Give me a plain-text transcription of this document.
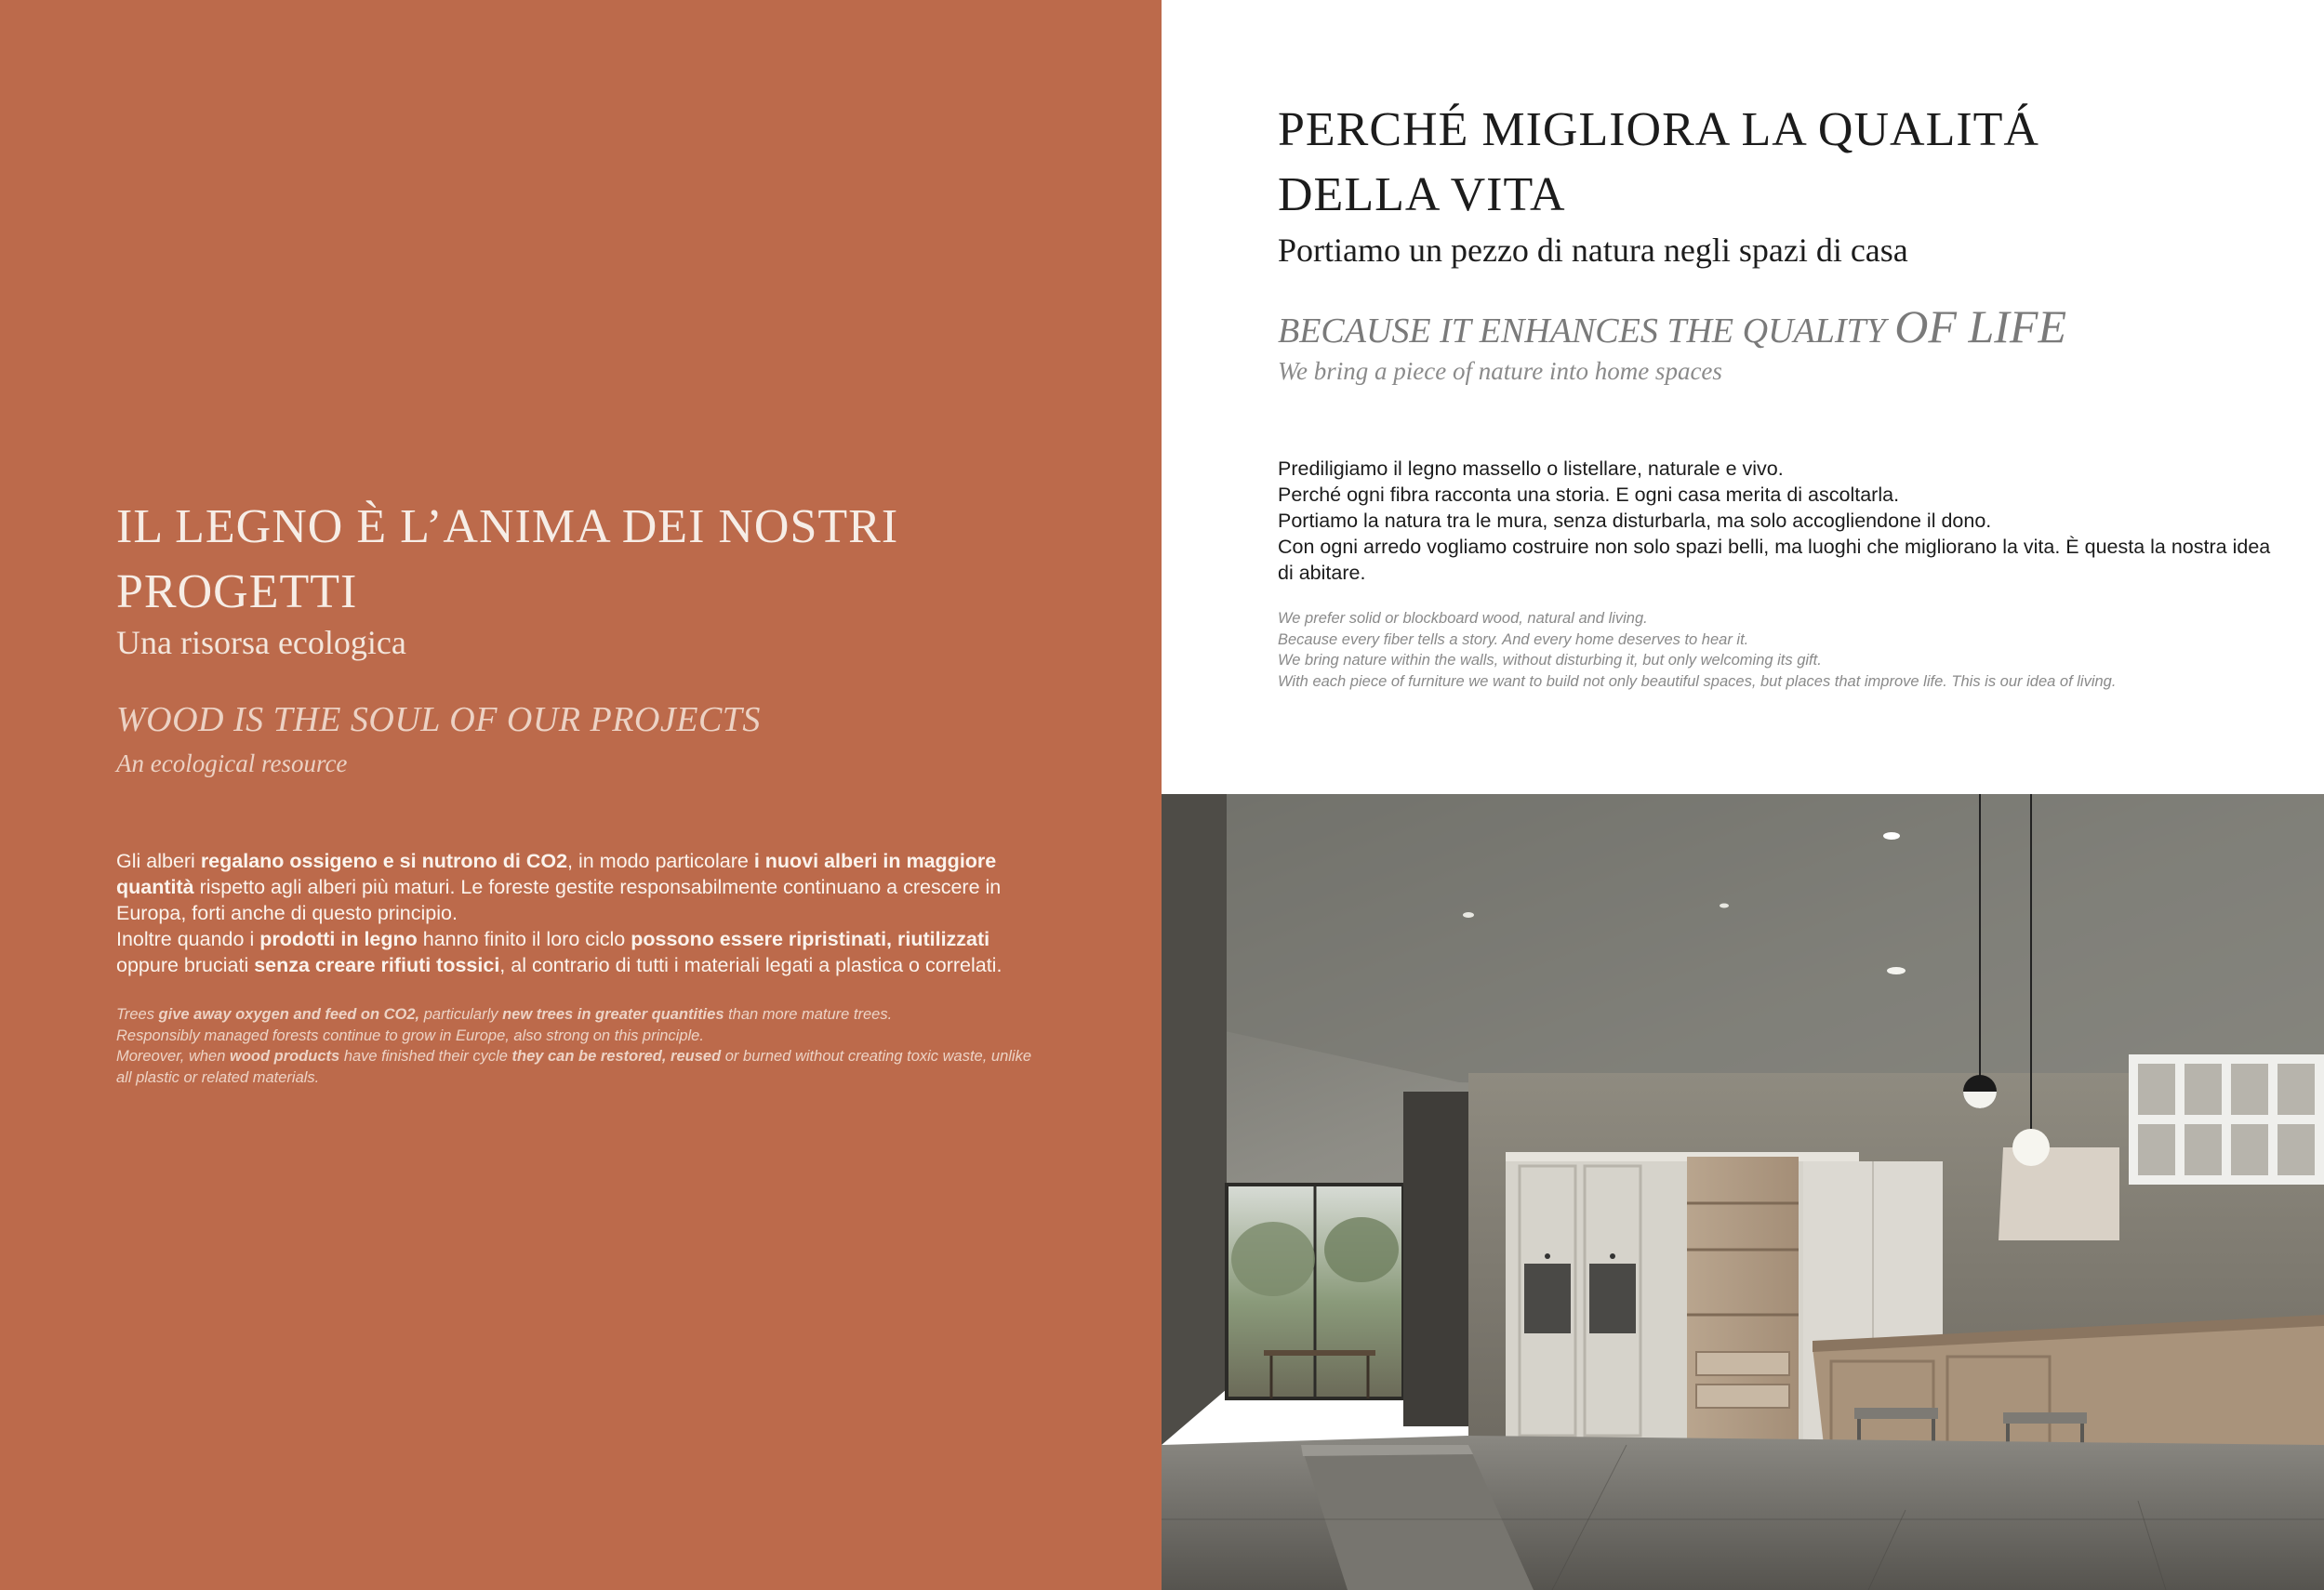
IL LEGNO È L’ANIMA DEI NOSTRI
PROGETTI

Una risorsa ecologica

WOOD IS THE SOUL OF OUR PROJECTS

An ecological resource

Gli alberi regalano ossigeno e si nutrono di CO2, in modo particolare i nuovi alberi in maggiore quantità rispetto agli alberi più maturi. Le foreste gestite responsabilmente continuano a crescere in Europa, forti anche di questo principio.
Inoltre quando i prodotti in legno hanno finito il loro ciclo possono essere ripristinati, riutilizzati oppure bruciati senza creare rifiuti tossici, al contrario di tutti i materiali legati a plastica o correlati.

Trees give away oxygen and feed on CO2, particularly new trees in greater quantities than more mature trees.
Responsibly managed forests continue to grow in Europe, also strong on this principle.
Moreover, when wood products have finished their cycle they can be restored, reused or burned without creating toxic waste, unlike all plastic or related materials.

PERCHÉ MIGLIORA LA QUALITÁ
DELLA VITA

Portiamo un pezzo di natura negli spazi di casa

BECAUSE IT ENHANCES THE QUALITY OF LIFE

We bring a piece of nature into home spaces

Prediligiamo il legno massello o listellare, naturale e vivo.
Perché ogni fibra racconta una storia. E ogni casa merita di ascoltarla.
Portiamo la natura tra le mura, senza disturbarla, ma solo accogliendone il dono.
Con ogni arredo vogliamo costruire non solo spazi belli, ma luoghi che migliorano la vita. È questa la nostra idea di abitare.

We prefer solid or blockboard wood, natural and living.
Because every fiber tells a story. And every home deserves to hear it.
We bring nature within the walls, without disturbing it, but only welcoming its gift.
With each piece of furniture we want to build not only beautiful spaces, but places that improve life. This is our idea of living.
